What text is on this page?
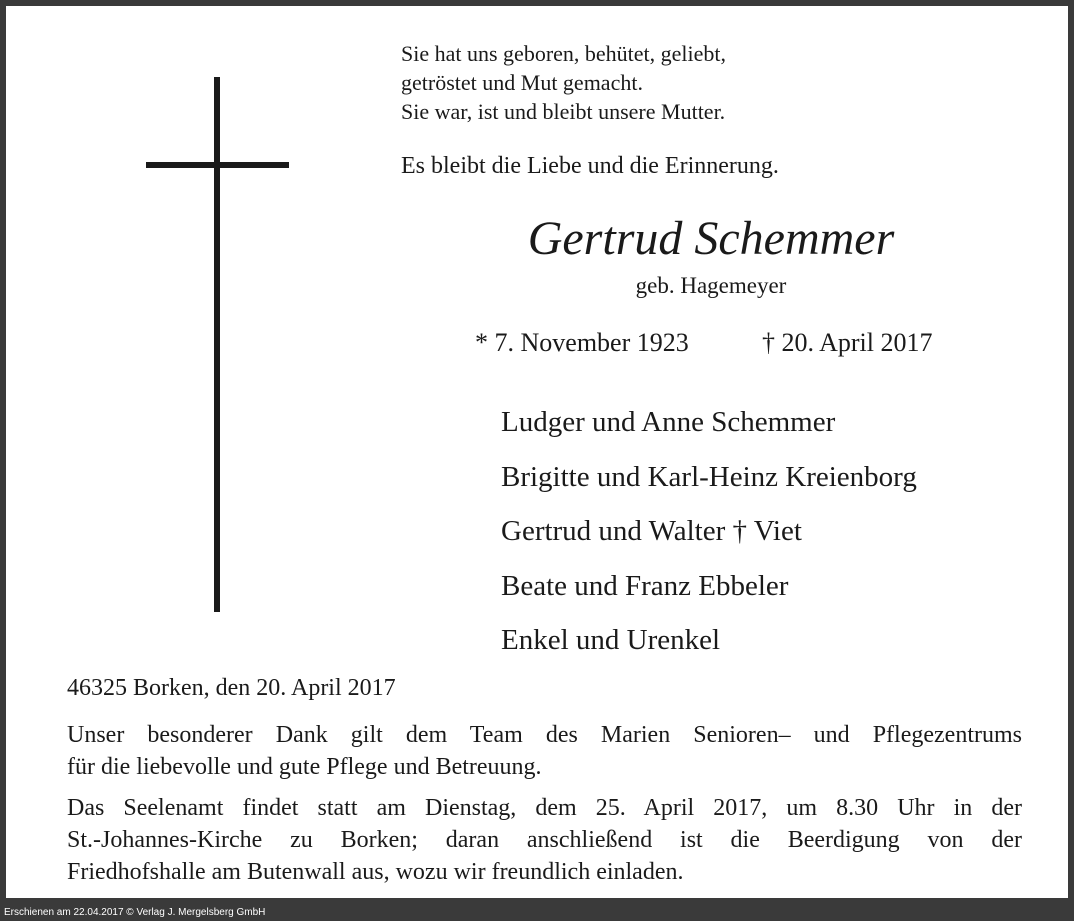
Sie hat uns geboren, behütet, geliebt,
getröstet und Mut gemacht.
Sie war, ist und bleibt unsere Mutter.
Es bleibt die Liebe und die Erinnerung.
Gertrud Schemmer
geb. Hagemeyer
* 7. November 1923	† 20. April 2017
Ludger und Anne Schemmer
Brigitte und Karl-Heinz Kreienborg
Gertrud und Walter † Viet
Beate und Franz Ebbeler
Enkel und Urenkel
46325 Borken, den 20. April 2017
Unser besonderer Dank gilt dem Team des Marien Senioren– und Pflegezentrums
für die liebevolle und gute Pflege und Betreuung.
Das Seelenamt findet statt am Dienstag, dem 25. April 2017, um 8.30 Uhr in der
St.-Johannes-Kirche zu Borken; daran anschließend ist die Beerdigung von der
Friedhofshalle am Butenwall aus, wozu wir freundlich einladen.
Erschienen am 22.04.2017 © Verlag J. Mergelsberg GmbH
